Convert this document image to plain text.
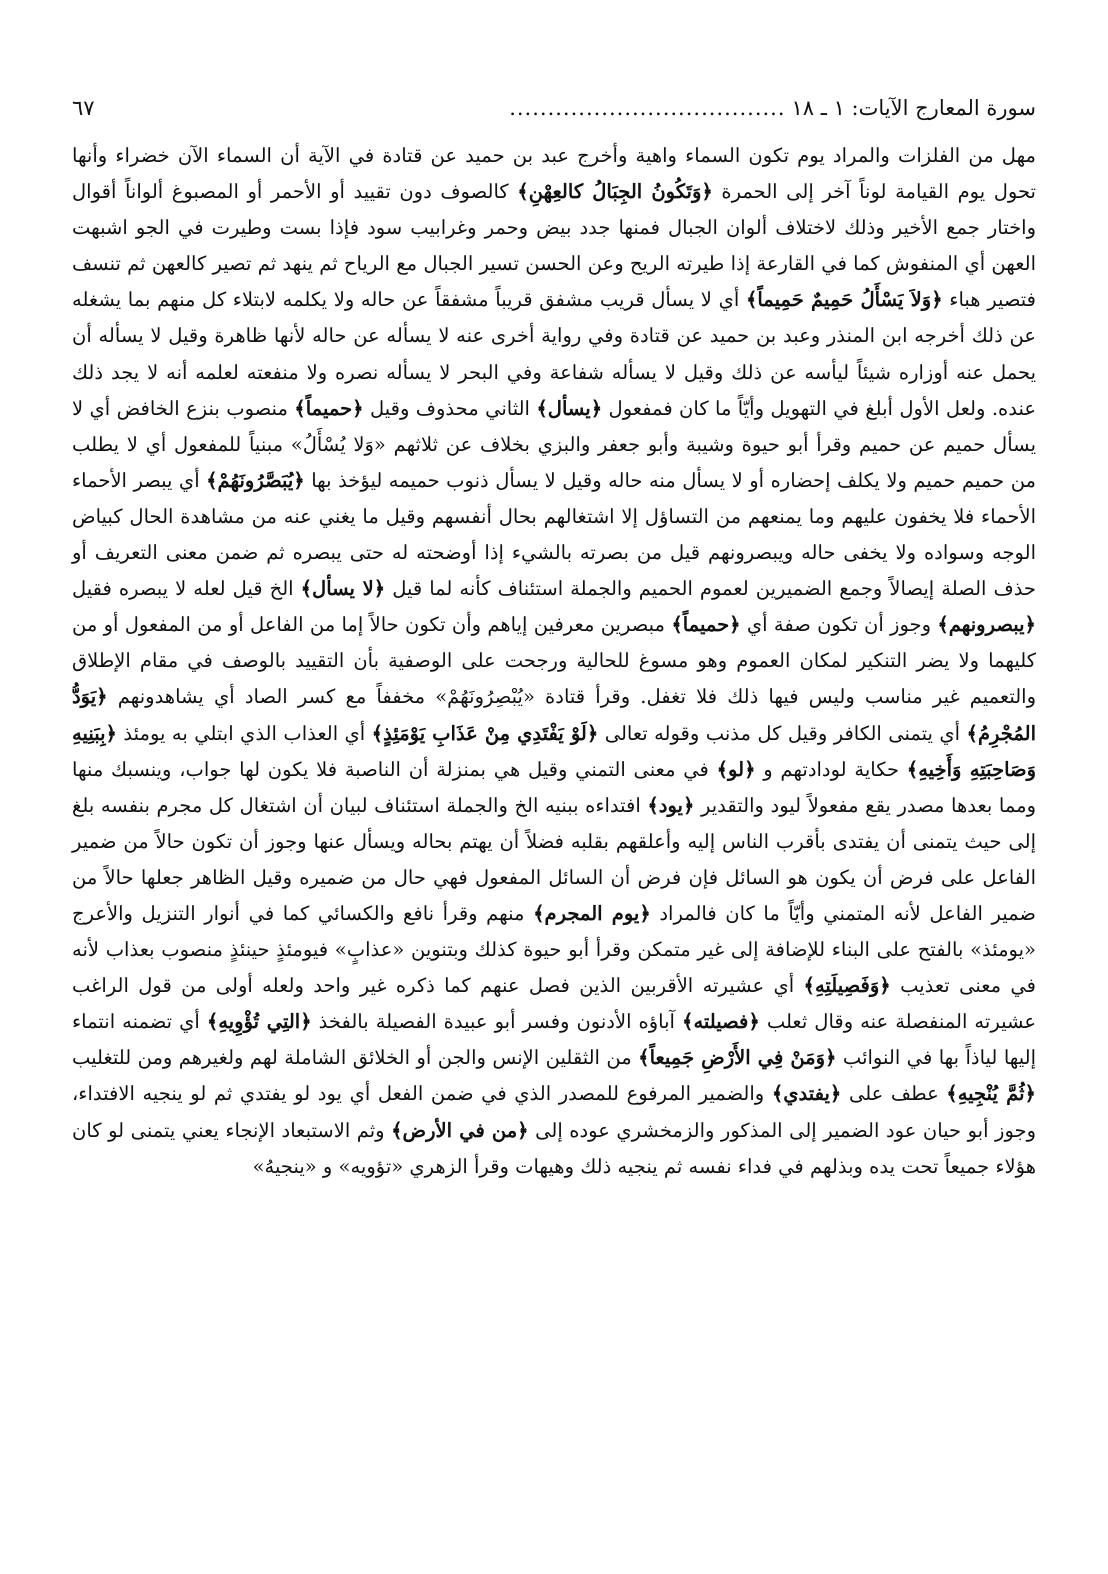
سورة المعارج الآيات: ١ ـ ١٨
....................................
٦٧

مهل من الفلزات والمراد يوم تكون السماء واهية وأخرج عبد بن حميد عن قتادة في الآية أن السماء الآن خضراء وأنها تحول يوم القيامة لوناً آخر إلى الحمرة ﴿وَتَكُونُ الجِبَالُ كالعِهْنِ﴾ كالصوف دون تقييد أو الأحمر أو المصبوغ ألواناً أقوال واختار جمع الأخير وذلك لاختلاف ألوان الجبال فمنها جدد بيض وحمر وغرابيب سود فإذا بست وطيرت في الجو اشبهت العهن أي المنفوش كما في القارعة إذا طيرته الريح وعن الحسن تسير الجبال مع الرياح ثم ينهد ثم تصير كالعهن ثم تنسف فتصير هباء ﴿وَلاَ يَسْأَلُ حَمِيمٌ حَمِيماً﴾ أي لا يسأل قريب مشفق قريباً مشفقاً عن حاله ولا يكلمه لابتلاء كل منهم بما يشغله عن ذلك أخرجه ابن المنذر وعبد بن حميد عن قتادة وفي رواية أخرى عنه لا يسأله عن حاله لأنها ظاهرة وقيل لا يسأله أن يحمل عنه أوزاره شيئاً ليأسه عن ذلك وقيل لا يسأله شفاعة وفي البحر لا يسأله نصره ولا منفعته لعلمه أنه لا يجد ذلك عنده. ولعل الأول أبلغ في التهويل وأيّاً ما كان فمفعول ﴿يسأل﴾ الثاني محذوف وقيل ﴿حميماً﴾ منصوب بنزع الخافض أي لا يسأل حميم عن حميم وقرأ أبو حيوة وشيبة وأبو جعفر والبزي بخلاف عن ثلاثهم «وَلا يُسْأَلُ» مبنياً للمفعول أي لا يطلب من حميم حميم ولا يكلف إحضاره أو لا يسأل منه حاله وقيل لا يسأل ذنوب حميمه ليؤخذ بها ﴿يُبَصَّرُونَهُمْ﴾ أي يبصر الأحماء الأحماء فلا يخفون عليهم وما يمنعهم من التساؤل إلا اشتغالهم بحال أنفسهم وقيل ما يغني عنه من مشاهدة الحال كبياض الوجه وسواده ولا يخفى حاله ويبصرونهم قيل من بصرته بالشيء إذا أوضحته له حتى يبصره ثم ضمن معنى التعريف أو حذف الصلة إيصالاً وجمع الضميرين لعموم الحميم والجملة استئناف كأنه لما قيل ﴿لا يسأل﴾ الخ قيل لعله لا يبصره فقيل ﴿يبصرونهم﴾ وجوز أن تكون صفة أي ﴿حميماً﴾ مبصرين معرفين إياهم وأن تكون حالاً إما من الفاعل أو من المفعول أو من كليهما ولا يضر التنكير لمكان العموم وهو مسوغ للحالية ورجحت على الوصفية بأن التقييد بالوصف في مقام الإطلاق والتعميم غير مناسب وليس فيها ذلك فلا تغفل. وقرأ قتادة «يُبْصِرُونَهُمْ» مخففاً مع كسر الصاد أي يشاهدونهم ﴿يَوَدُّ المُجْرِمُ﴾ أي يتمنى الكافر وقيل كل مذنب وقوله تعالى ﴿لَوْ يَفْتَدِي مِنْ عَذَابِ يَوْمَئِذٍ﴾ أي العذاب الذي ابتلي به يومئذ ﴿بِبَنِيهِ وَصَاحِبَتِهِ وَأَخِيهِ﴾ حكاية لودادتهم و ﴿لو﴾ في معنى التمني وقيل هي بمنزلة أن الناصبة فلا يكون لها جواب، وينسبك منها ومما بعدها مصدر يقع مفعولاً ليود والتقدير ﴿يود﴾ افتداءه ببنيه الخ والجملة استئناف لبيان أن اشتغال كل مجرم بنفسه بلغ إلى حيث يتمنى أن يفتدى بأقرب الناس إليه وأعلقهم بقلبه فضلاً أن يهتم بحاله ويسأل عنها وجوز أن تكون حالاً من ضمير الفاعل على فرض أن يكون هو السائل فإن فرض أن السائل المفعول فهي حال من ضميره وقيل الظاهر جعلها حالاً من ضمير الفاعل لأنه المتمني وأيّاً ما كان فالمراد ﴿يوم المجرم﴾ منهم وقرأ نافع والكسائي كما في أنوار التنزيل والأعرج «يومئذ» بالفتح على البناء للإضافة إلى غير متمكن وقرأ أبو حيوة كذلك وبتنوين «عذابٍ» فيومئذٍ حينئذٍ منصوب بعذاب لأنه في معنى تعذيب ﴿وَفَصِيلَتِهِ﴾ أي عشيرته الأقربين الذين فصل عنهم كما ذكره غير واحد ولعله أولى من قول الراغب عشيرته المنفصلة عنه وقال ثعلب ﴿فصيلته﴾ آباؤه الأدنون وفسر أبو عبيدة الفصيلة بالفخذ ﴿التِي تُؤْوِيهِ﴾ أي تضمنه انتماء إليها لياذاً بها في النوائب ﴿وَمَنْ فِي الأَرْضِ جَمِيعاً﴾ من الثقلين الإنس والجن أو الخلائق الشاملة لهم ولغيرهم ومن للتغليب ﴿ثُمَّ يُنْجِيهِ﴾ عطف على ﴿يفتدي﴾ والضمير المرفوع للمصدر الذي في ضمن الفعل أي يود لو يفتدي ثم لو ينجيه الافتداء، وجوز أبو حيان عود الضمير إلى المذكور والزمخشري عوده إلى ﴿من في الأرض﴾ وثم الاستبعاد الإنجاء يعني يتمنى لو كان هؤلاء جميعاً تحت يده وبذلهم في فداء نفسه ثم ينجيه ذلك وهيهات وقرأ الزهري «تؤويه» و «ينجيهُ»
